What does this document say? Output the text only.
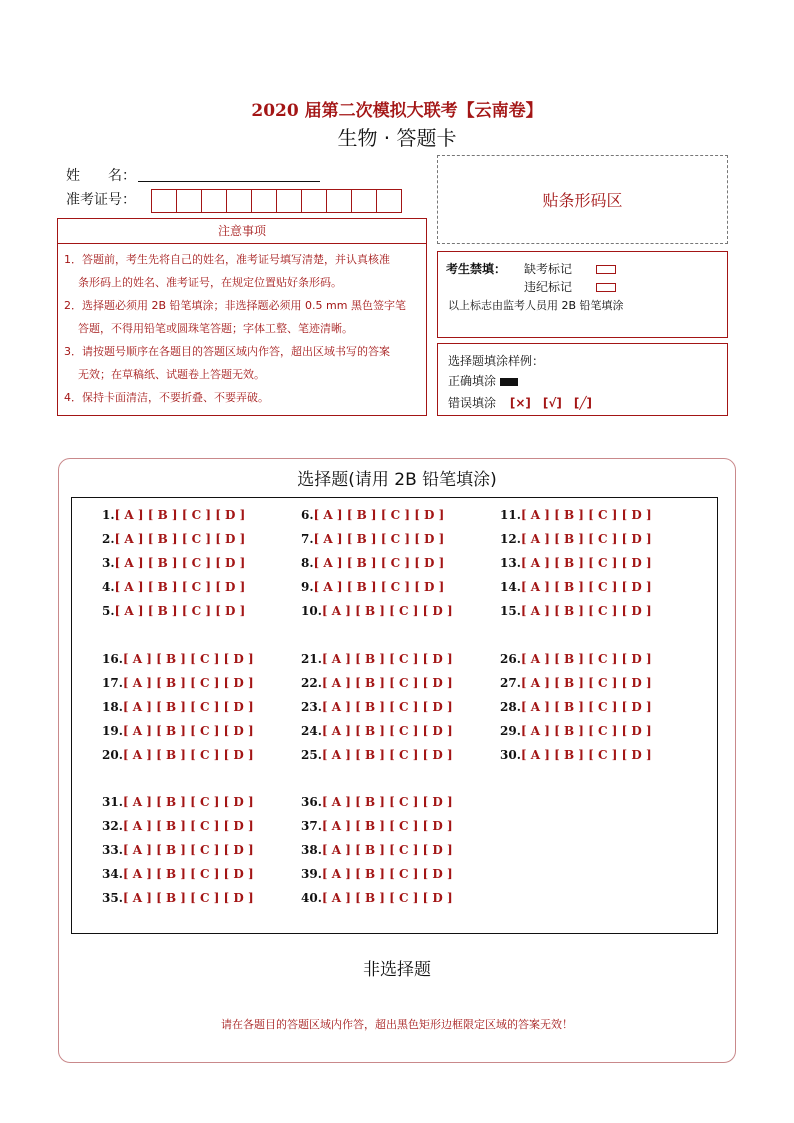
2020 届第二次模拟大联考【云南卷】
生物 · 答题卡
姓　　名：
准考证号：	贴条形码区
注意事项

1．答题前，考生先将自己的姓名，准考证号填写清楚，并认真核准

条形码上的姓名、准考证号，在规定位置贴好条形码。

2．选择题必须用 2B 铅笔填涂；非选择题必须用 0.5 mm 黑色签字笔

答题，不得用铅笔或圆珠笔答题；字体工整、笔迹清晰。

3．请按题号顺序在各题目的答题区域内作答，超出区域书写的答案

无效；在草稿纸、试题卷上答题无效。

4．保持卡面清洁，不要折叠、不要弄破。

考生禁填： 缺考标记
违纪标记
以上标志由监考人员用 2B 铅笔填涂
选择题填涂样例：
正确填涂
错误填涂 [×]　[√]　[╱]
选择题(请用 2B 铅笔填涂)
1.[ A ] [ B ] [ C ] [ D ]
2.[ A ] [ B ] [ C ] [ D ]
3.[ A ] [ B ] [ C ] [ D ]
4.[ A ] [ B ] [ C ] [ D ]
5.[ A ] [ B ] [ C ] [ D ]
6.[ A ] [ B ] [ C ] [ D ]
7.[ A ] [ B ] [ C ] [ D ]
8.[ A ] [ B ] [ C ] [ D ]
9.[ A ] [ B ] [ C ] [ D ]
10.[ A ] [ B ] [ C ] [ D ]
11.[ A ] [ B ] [ C ] [ D ]
12.[ A ] [ B ] [ C ] [ D ]
13.[ A ] [ B ] [ C ] [ D ]
14.[ A ] [ B ] [ C ] [ D ]
15.[ A ] [ B ] [ C ] [ D ]
16.[ A ] [ B ] [ C ] [ D ]
17.[ A ] [ B ] [ C ] [ D ]
18.[ A ] [ B ] [ C ] [ D ]
19.[ A ] [ B ] [ C ] [ D ]
20.[ A ] [ B ] [ C ] [ D ]
21.[ A ] [ B ] [ C ] [ D ]
22.[ A ] [ B ] [ C ] [ D ]
23.[ A ] [ B ] [ C ] [ D ]
24.[ A ] [ B ] [ C ] [ D ]
25.[ A ] [ B ] [ C ] [ D ]
26.[ A ] [ B ] [ C ] [ D ]
27.[ A ] [ B ] [ C ] [ D ]
28.[ A ] [ B ] [ C ] [ D ]
29.[ A ] [ B ] [ C ] [ D ]
30.[ A ] [ B ] [ C ] [ D ]
31.[ A ] [ B ] [ C ] [ D ]
32.[ A ] [ B ] [ C ] [ D ]
33.[ A ] [ B ] [ C ] [ D ]
34.[ A ] [ B ] [ C ] [ D ]
35.[ A ] [ B ] [ C ] [ D ]
36.[ A ] [ B ] [ C ] [ D ]
37.[ A ] [ B ] [ C ] [ D ]
38.[ A ] [ B ] [ C ] [ D ]
39.[ A ] [ B ] [ C ] [ D ]
40.[ A ] [ B ] [ C ] [ D ]
非选择题
请在各题目的答题区域内作答，超出黑色矩形边框限定区域的答案无效！
